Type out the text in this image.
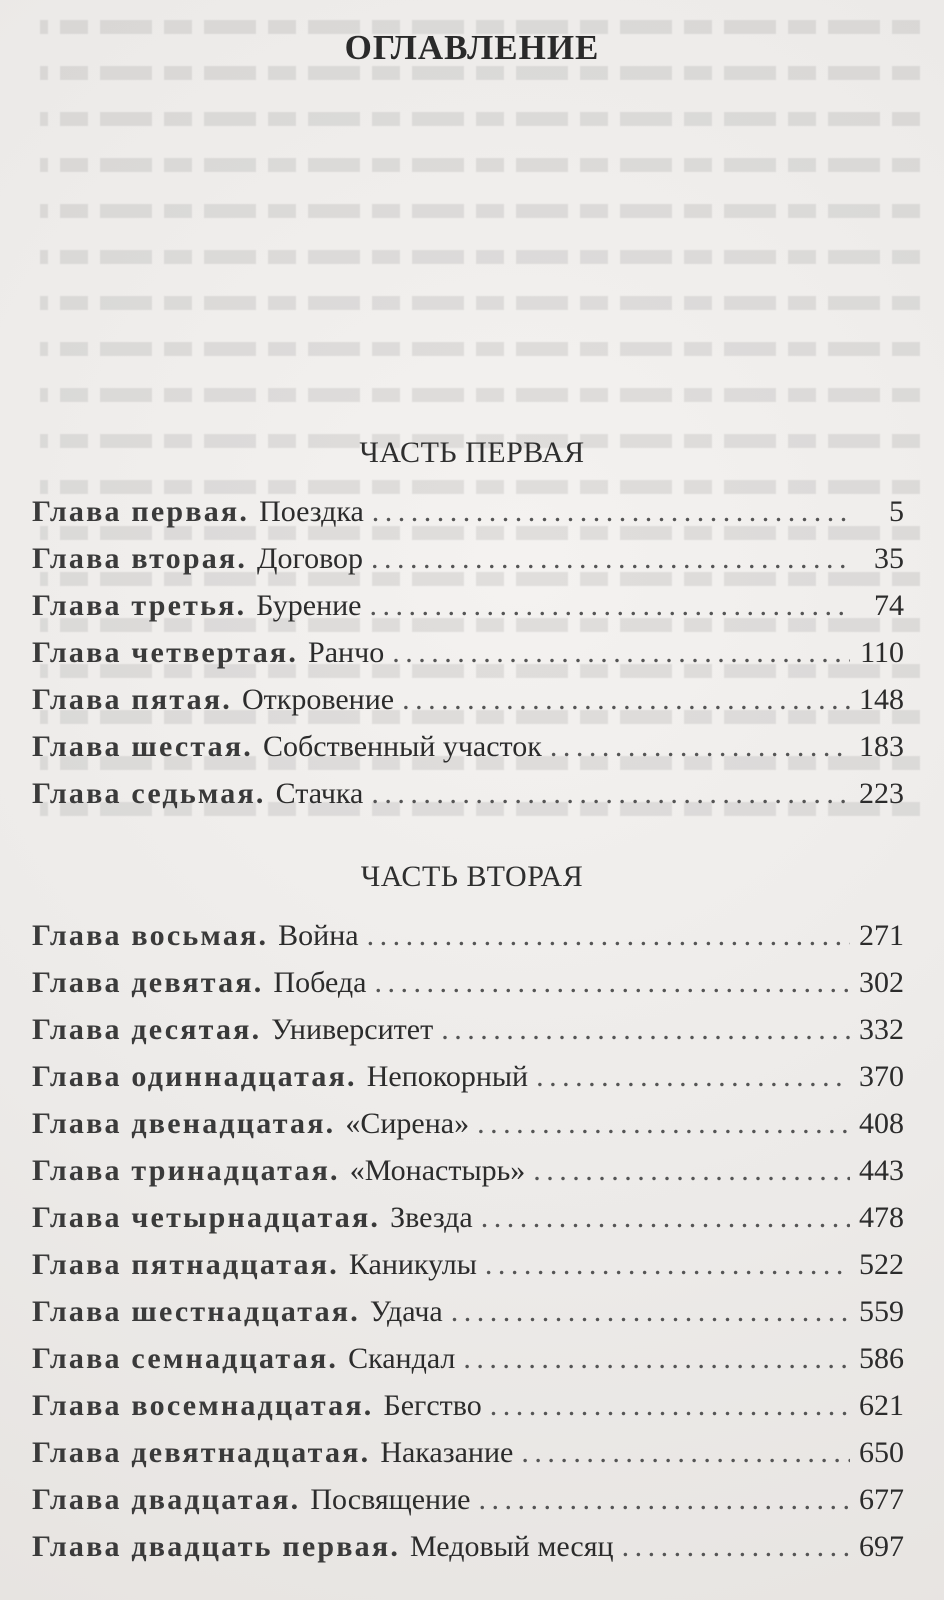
ОГЛАВЛЕНИЕ
ЧАСТЬ ПЕРВАЯ
Глава первая. Поездка . . .	5
Глава вторая. Договор . . .	35
Глава третья. Бурение . . .	74
Глава четвертая. Ранчо . . .	110
Глава пятая. Откровение . . .	148
Глава шестая. Собственный участок . . .	183
Глава седьмая. Стачка . . .	223
ЧАСТЬ ВТОРАЯ
Глава восьмая. Война . . .	271
Глава девятая. Победа . . .	302
Глава десятая. Университет . . .	332
Глава одиннадцатая. Непокорный . . .	370
Глава двенадцатая. «Сирена» . . .	408
Глава тринадцатая. «Монастырь» . . .	443
Глава четырнадцатая. Звезда . . .	478
Глава пятнадцатая. Каникулы . . .	522
Глава шестнадцатая. Удача . . .	559
Глава семнадцатая. Скандал . . .	586
Глава восемнадцатая. Бегство . . .	621
Глава девятнадцатая. Наказание . . .	650
Глава двадцатая. Посвящение . . .	677
Глава двадцать первая. Медовый месяц . . .	697
